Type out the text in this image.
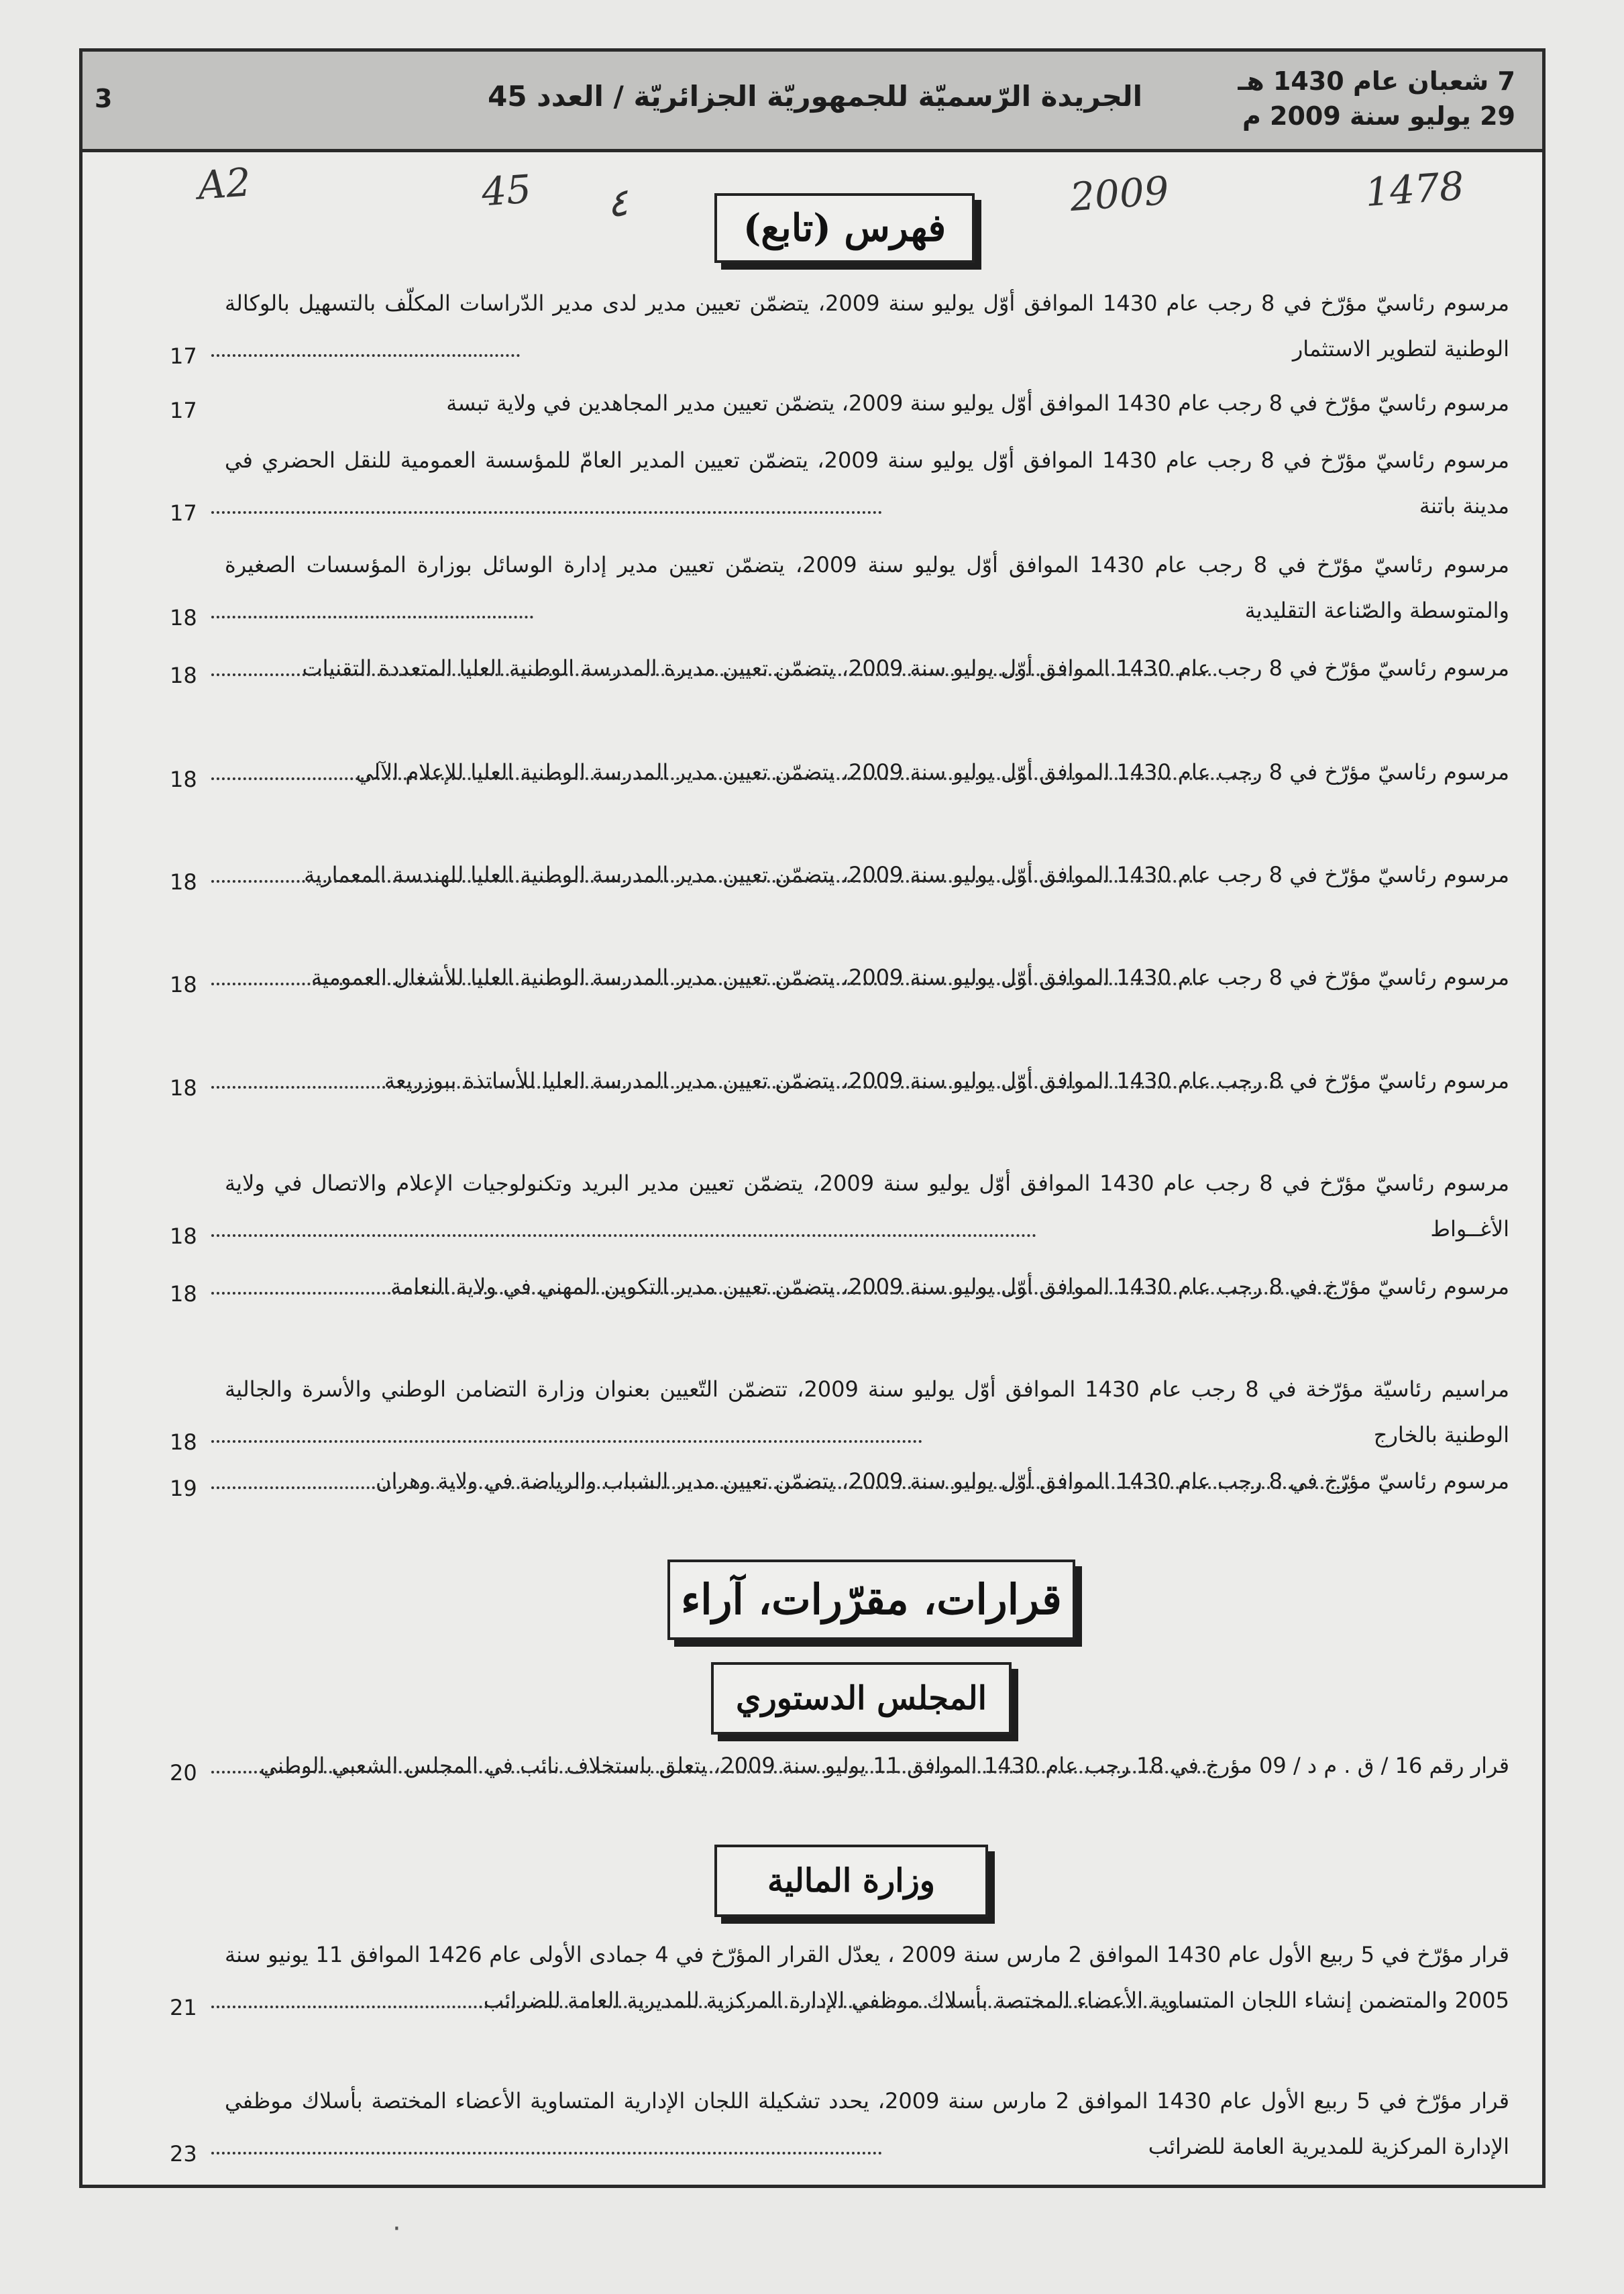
7 شعبان عام 1430 هـ
29 يوليو سنة 2009 م
الجريدة الرّسميّة للجمهوريّة الجزائريّة / العدد 45
3
A2	45 ٤	2009	1478
فهرس (تابع)
مرسوم رئاسيّ مؤرّخ في 8 رجب عام 1430 الموافق أوّل يوليو سنة 2009، يتضمّن تعيين مدير لدى مدير الدّراسات المكلّف بالتسهيل بالوكالة الوطنية لتطوير الاستثمار
17
مرسوم رئاسيّ مؤرّخ في 8 رجب عام 1430 الموافق أوّل يوليو سنة 2009، يتضمّن تعيين مدير المجاهدين في ولاية تبسة
17
مرسوم رئاسيّ مؤرّخ في 8 رجب عام 1430 الموافق أوّل يوليو سنة 2009، يتضمّن تعيين المدير العامّ للمؤسسة العمومية للنقل الحضري في مدينة باتنة
17
مرسوم رئاسيّ مؤرّخ في 8 رجب عام 1430 الموافق أوّل يوليو سنة 2009، يتضمّن تعيين مدير إدارة الوسائل بوزارة المؤسسات الصغيرة والمتوسطة والصّناعة التقليدية
18
مرسوم رئاسيّ مؤرّخ في 8 رجب عام 1430 الموافق أوّل يوليو سنة 2009، يتضمّن تعيين مديرة المدرسة الوطنية العليا المتعددة التقنيات
18
مرسوم رئاسيّ مؤرّخ في 8 رجب عام 1430 الموافق أوّل يوليو سنة 2009، يتضمّن تعيين مدير المدرسة الوطنية العليا للإعلام الآلي
18
مرسوم رئاسيّ مؤرّخ في 8 رجب عام 1430 الموافق أوّل يوليو سنة 2009، يتضمّن تعيين مدير المدرسة الوطنية العليا للهندسة المعمارية
18
مرسوم رئاسيّ مؤرّخ في 8 رجب عام 1430 الموافق أوّل يوليو سنة 2009، يتضمّن تعيين مدير المدرسة الوطنية العليا للأشغال العمومية
18
مرسوم رئاسيّ مؤرّخ في 8 رجب عام 1430 الموافق أوّل يوليو سنة 2009، يتضمّن تعيين مدير المدرسة العليا للأساتذة ببوزريعة
18
مرسوم رئاسيّ مؤرّخ في 8 رجب عام 1430 الموافق أوّل يوليو سنة 2009، يتضمّن تعيين مدير البريد وتكنولوجيات الإعلام والاتصال في ولاية الأغــواط
18
مرسوم رئاسيّ مؤرّخ في 8 رجب عام 1430 الموافق أوّل يوليو سنة 2009، يتضمّن تعيين مدير التكوين المهني في ولاية النعامة
18
مراسيم رئاسيّة مؤرّخة في 8 رجب عام 1430 الموافق أوّل يوليو سنة 2009، تتضمّن التّعيين بعنوان وزارة التضامن الوطني والأسرة والجالية الوطنية بالخارج
18
مرسوم رئاسيّ مؤرّخ في 8 رجب عام 1430 الموافق أوّل يوليو سنة 2009، يتضمّن تعيين مدير الشباب والرياضة في ولاية وهران
19
قرارات، مقرّرات، آراء
المجلس الدستوري
قرار رقم 16 / ق . م د / 09 مؤرخ في 18 رجب عام 1430 الموافق 11 يوليو سنة 2009، يتعلق باستخلاف نائب في المجلس الشعبي الوطني
20
وزارة المالية
قرار مؤرّخ في 5 ربيع الأول عام 1430 الموافق 2 مارس سنة 2009 ، يعدّل القرار المؤرّخ في 4 جمادى الأولى عام 1426 الموافق 11 يونيو سنة 2005 والمتضمن إنشاء اللجان المتساوية الأعضاء المختصة بأسلاك موظفي الإدارة المركزية للمديرية العامة للضرائب
21
قرار مؤرّخ في 5 ربيع الأول عام 1430 الموافق 2 مارس سنة 2009، يحدد تشكيلة اللجان الإدارية المتساوية الأعضاء المختصة بأسلاك موظفي الإدارة المركزية للمديرية العامة للضرائب
23
·
